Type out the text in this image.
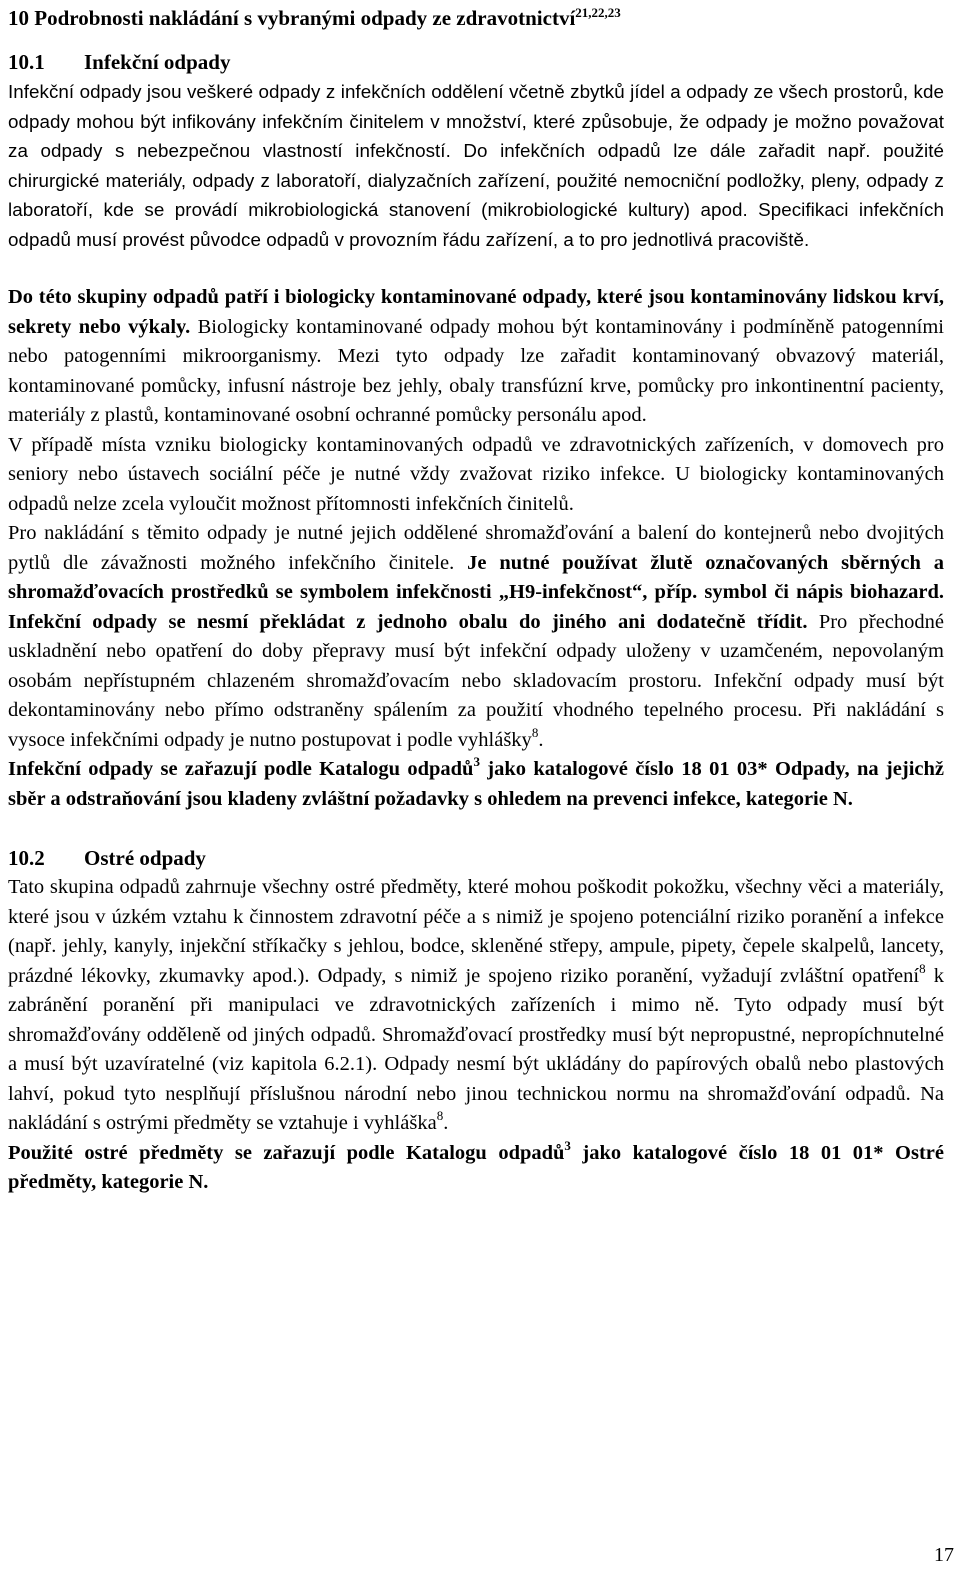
10 Podrobnosti nakládání s vybranými odpady ze zdravotnictví$^{21,22,23}$
10.1 Infekční odpady

Infekční odpady jsou veškeré odpady z infekčních oddělení včetně zbytků jídel a odpady ze všech prostorů, kde odpady mohou být infikovány infekčním činitelem v množství, které způsobuje, že odpady je možno považovat za odpady s nebezpečnou vlastností infekčností. Do infekčních odpadů lze dále zařadit např. použité chirurgické materiály, odpady z laboratoří, dialyzačních zařízení, použité nemocniční podložky, pleny, odpady z laboratoří, kde se provádí mikrobiologická stanovení (mikrobiologické kultury) apod. Specifikaci infekčních odpadů musí provést původce odpadů v provozním řádu zařízení, a to pro jednotlivá pracoviště.

Do této skupiny odpadů patří i biologicky kontaminované odpady, které jsou kontaminovány lidskou krví, sekrety nebo výkaly. Biologicky kontaminované odpady mohou být kontaminovány i podmíněně patogenními nebo patogenními mikroorganismy. Mezi tyto odpady lze zařadit kontaminovaný obvazový materiál, kontaminované pomůcky, infusní nástroje bez jehly, obaly transfúzní krve, pomůcky pro inkontinentní pacienty, materiály z plastů, kontaminované osobní ochranné pomůcky personálu apod.

V případě místa vzniku biologicky kontaminovaných odpadů ve zdravotnických zařízeních, v domovech pro seniory nebo ústavech sociální péče je nutné vždy zvažovat riziko infekce. U biologicky kontaminovaných odpadů nelze zcela vyloučit možnost přítomnosti infekčních činitelů.

Pro nakládání s těmito odpady je nutné jejich oddělené shromažďování a balení do kontejnerů nebo dvojitých pytlů dle závažnosti možného infekčního činitele. Je nutné používat žlutě označovaných sběrných a shromažďovacích prostředků se symbolem infekčnosti „H9-infekčnost“, příp. symbol či nápis biohazard. Infekční odpady se nesmí překládat z jednoho obalu do jiného ani dodatečně třídit. Pro přechodné uskladnění nebo opatření do doby přepravy musí být infekční odpady uloženy v uzamčeném, nepovolaným osobám nepřístupném chlazeném shromažďovacím nebo skladovacím prostoru. Infekční odpady musí být dekontaminovány nebo přímo odstraněny spálením za použití vhodného tepelného procesu. Při nakládání s vysoce infekčními odpady je nutno postupovat i podle vyhlášky$^8$.

Infekční odpady se zařazují podle Katalogu odpadů$^3$ jako katalogové číslo 18 01 03* Odpady, na jejichž sběr a odstraňování jsou kladeny zvláštní požadavky s ohledem na prevenci infekce, kategorie N.

10.2 Ostré odpady

Tato skupina odpadů zahrnuje všechny ostré předměty, které mohou poškodit pokožku, všechny věci a materiály, které jsou v úzkém vztahu k činnostem zdravotní péče a s nimiž je spojeno potenciální riziko poranění a infekce (např. jehly, kanyly, injekční stříkačky s jehlou, bodce, skleněné střepy, ampule, pipety, čepele skalpelů, lancety, prázdné lékovky, zkumavky apod.). Odpady, s nimiž je spojeno riziko poranění, vyžadují zvláštní opatření$^8$ k zabránění poranění při manipulaci ve zdravotnických zařízeních i mimo ně. Tyto odpady musí být shromažďovány odděleně od jiných odpadů. Shromažďovací prostředky musí být nepropustné, nepropíchnutelné a musí být uzavíratelné (viz kapitola 6.2.1). Odpady nesmí být ukládány do papírových obalů nebo plastových lahví, pokud tyto nesplňují příslušnou národní nebo jinou technickou normu na shromažďování odpadů. Na nakládání s ostrými předměty se vztahuje i vyhláška$^8$.

Použité ostré předměty se zařazují podle Katalogu odpadů$^3$ jako katalogové číslo 18 01 01* Ostré předměty, kategorie N.

17
